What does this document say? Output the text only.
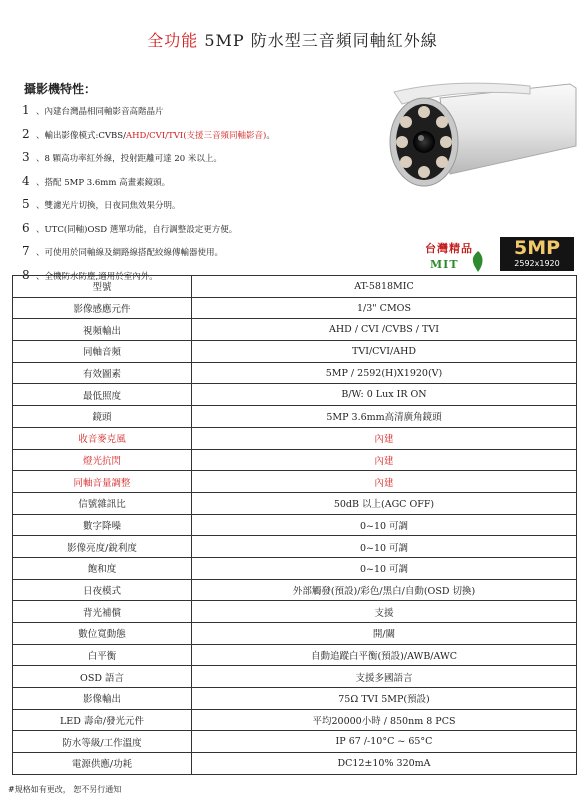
全功能 5MP 防水型三音頻同軸紅外線
攝影機特性：
1 、內建台灣晶相同軸影音高階晶片
2 、輸出影像模式:CVBS/AHD/CVI/TVI(支援三音頻同軸影音)。
3 、8 顆高功率紅外線，投射距離可達 20 米以上。
4 、搭配 5MP 3.6mm 高畫素鏡頭。
5 、雙濾光片切換，日夜同焦效果分明。
6 、UTC(同軸)OSD 選單功能，自行調整設定更方便。
7 、可使用於同軸線及網路線搭配絞線傳輸器使用。
8 、全機防水防塵,適用於室內外。
台灣精品
MIT
5MP
2592x1920
型號	AT-5818MIC
影像感應元件	1/3" CMOS
視頻輸出	AHD / CVI /CVBS / TVI
同軸音頻	TVI/CVI/AHD
有效圖素	5MP / 2592(H)X1920(V)
最低照度	B/W: 0 Lux IR ON
鏡頭	5MP 3.6mm高清廣角鏡頭
收音麥克風	內建
燈光抗閃	內建
同軸音量調整	內建
信號雜訊比	50dB 以上(AGC OFF)
數字降噪	0~10 可調
影像亮度/銳利度	0~10 可調
飽和度	0~10 可調
日夜模式	外部觸發(預設)/彩色/黑白/自動(OSD 切換)
背光補償	支援
數位寬動態	開/關
白平衡	自動追蹤白平衡(預設)/AWB/AWC
OSD 語言	支援多國語言
影像輸出	75Ω TVI 5MP(預設)
LED 壽命/發光元件	平均20000小時 / 850nm 8 PCS
防水等級/工作溫度	IP 67 /-10°C ~ 65°C
電源供應/功耗	DC12±10% 320mA
#規格如有更改， 恕不另行通知
